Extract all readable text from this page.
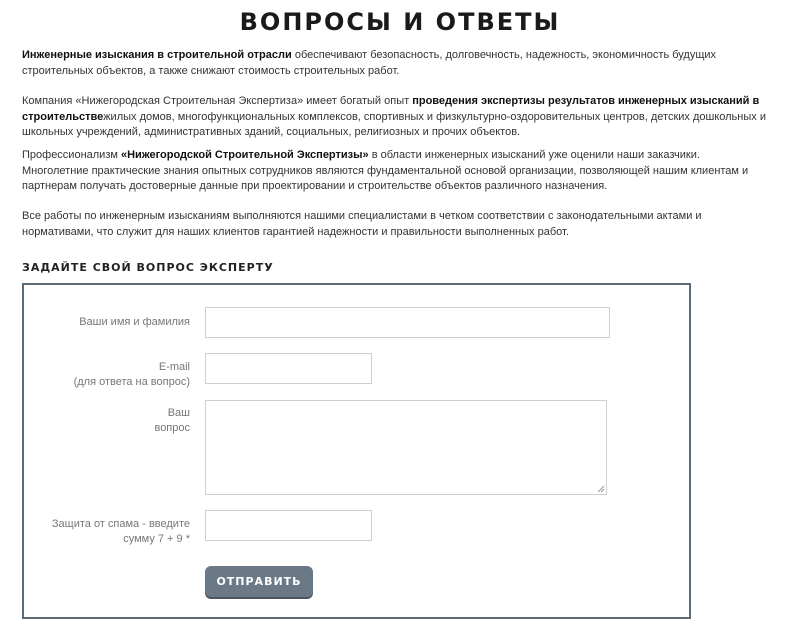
ВОПРОСЫ И ОТВЕТЫ
Инженерные изыскания в строительной отрасли обеспечивают безопасность, долговечность, надежность, экономичность будущих строительных объектов, а также снижают стоимость строительных работ.
Компания «Нижегородская Строительная Экспертиза» имеет богатый опыт проведения экспертизы результатов инженерных изысканий в строительствежилых домов, многофункциональных комплексов, спортивных и физкультурно-оздоровительных центров, детских дошкольных и школьных учреждений, административных зданий, социальных, религиозных и прочих объектов.
Профессионализм «Нижегородской Строительной Экспертизы» в области инженерных изысканий уже оценили наши заказчики. Многолетние практические знания опытных сотрудников являются фундаментальной основой организации, позволяющей нашим клиентам и партнерам получать достоверные данные при проектировании и строительстве объектов различного назначения.
Все работы по инженерным изысканиям выполняются нашими специалистами в четком соответствии с законодательными актами и нормативами, что служит для наших клиентов гарантией надежности и правильности выполненных работ.
ЗАДАЙТЕ СВОЙ ВОПРОС ЭКСПЕРТУ
Ваши имя и фамилия
E-mail
(для ответа на вопрос)
Ваш
вопрос
Защита от спама - введите
сумму 7 + 9 *
ОТПРАВИТЬ
